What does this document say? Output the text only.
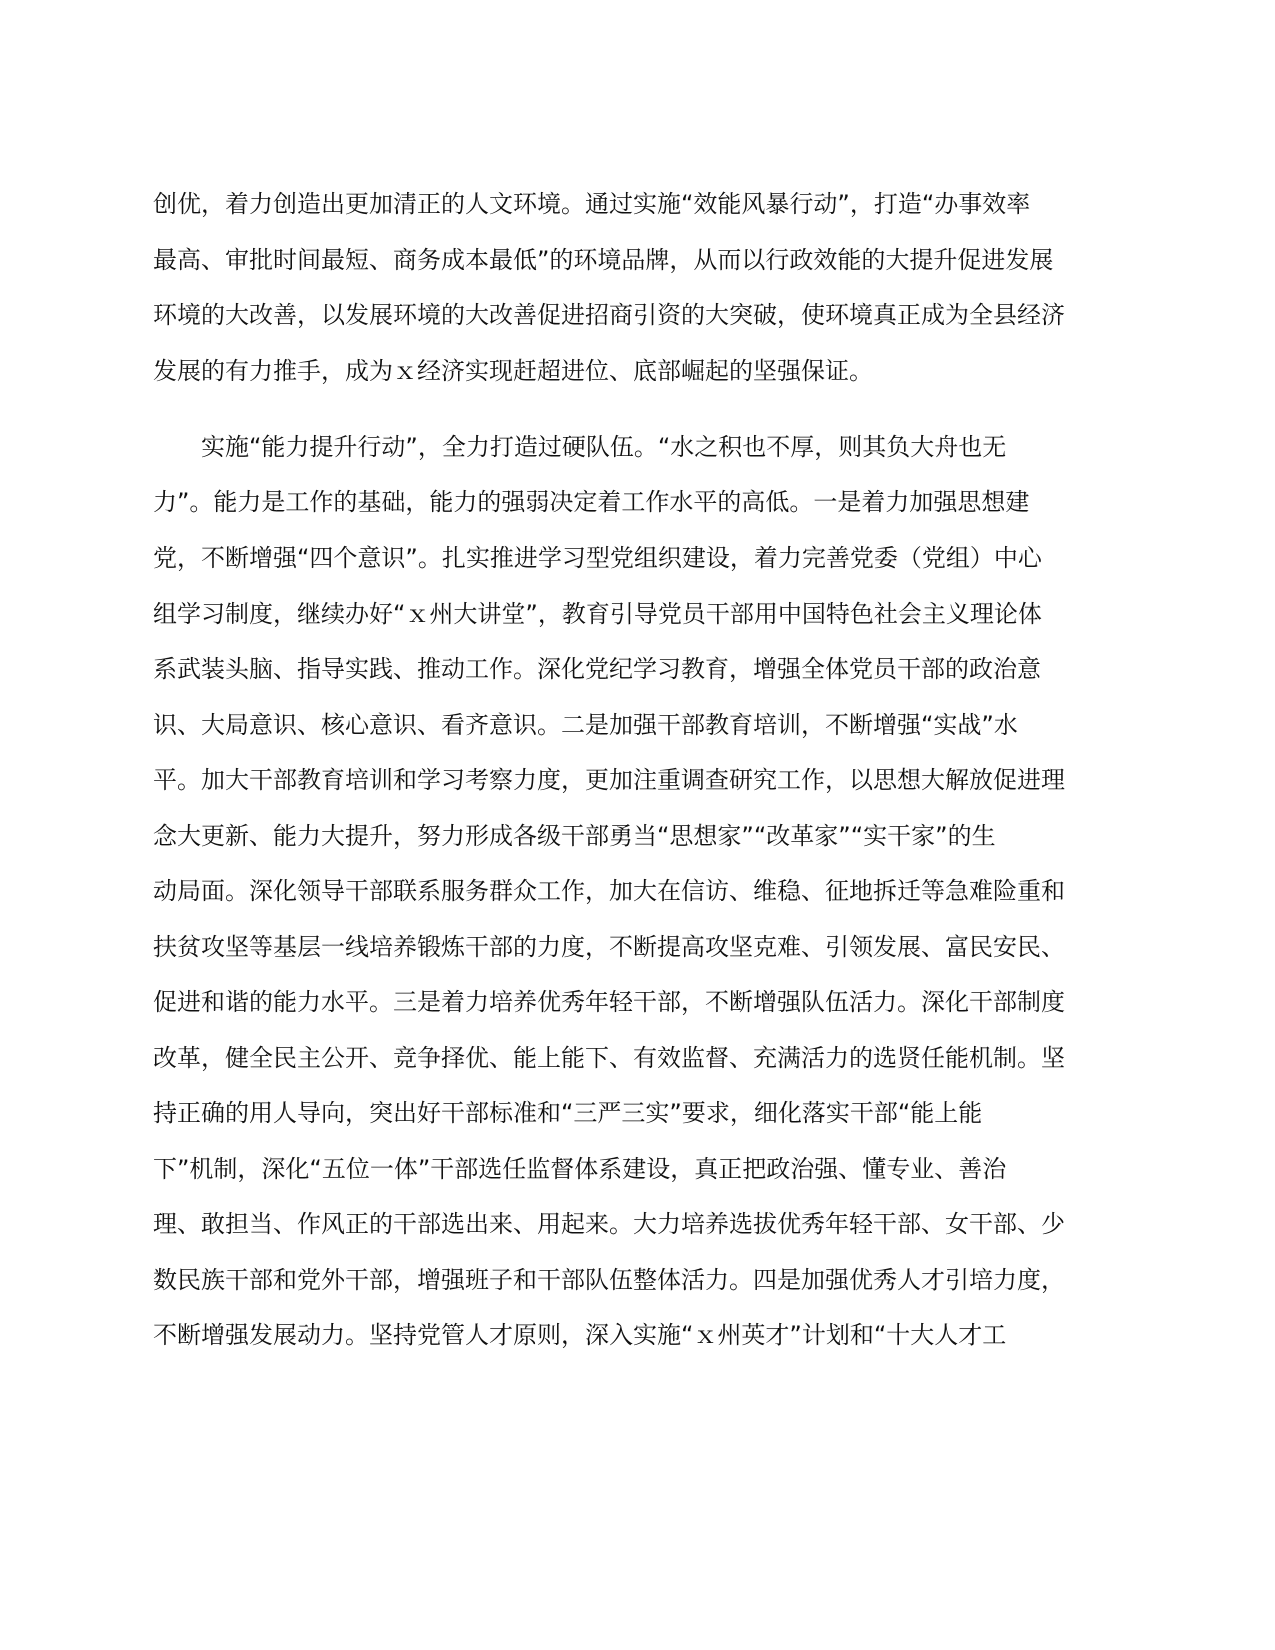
创优，着力创造出更加清正的人文环境。通过实施“效能风暴行动”，打造“办事效率
最高、审批时间最短、商务成本最低”的环境品牌，从而以行政效能的大提升促进发展
环境的大改善，以发展环境的大改善促进招商引资的大突破，使环境真正成为全县经济
发展的有力推手，成为ｘ经济实现赶超进位、底部崛起的坚强保证。
实施“能力提升行动”，全力打造过硬队伍。“水之积也不厚，则其负大舟也无
力”。能力是工作的基础，能力的强弱决定着工作水平的高低。一是着力加强思想建
党，不断增强“四个意识”。扎实推进学习型党组织建设，着力完善党委（党组）中心
组学习制度，继续办好“ｘ州大讲堂”，教育引导党员干部用中国特色社会主义理论体
系武装头脑、指导实践、推动工作。深化党纪学习教育，增强全体党员干部的政治意
识、大局意识、核心意识、看齐意识。二是加强干部教育培训，不断增强“实战”水
平。加大干部教育培训和学习考察力度，更加注重调查研究工作，以思想大解放促进理
念大更新、能力大提升，努力形成各级干部勇当“思想家”“改革家”“实干家”的生
动局面。深化领导干部联系服务群众工作，加大在信访、维稳、征地拆迁等急难险重和
扶贫攻坚等基层一线培养锻炼干部的力度，不断提高攻坚克难、引领发展、富民安民、
促进和谐的能力水平。三是着力培养优秀年轻干部，不断增强队伍活力。深化干部制度
改革，健全民主公开、竞争择优、能上能下、有效监督、充满活力的选贤任能机制。坚
持正确的用人导向，突出好干部标准和“三严三实”要求，细化落实干部“能上能
下”机制，深化“五位一体”干部选任监督体系建设，真正把政治强、懂专业、善治
理、敢担当、作风正的干部选出来、用起来。大力培养选拔优秀年轻干部、女干部、少
数民族干部和党外干部，增强班子和干部队伍整体活力。四是加强优秀人才引培力度，
不断增强发展动力。坚持党管人才原则，深入实施“ｘ州英才”计划和“十大人才工
